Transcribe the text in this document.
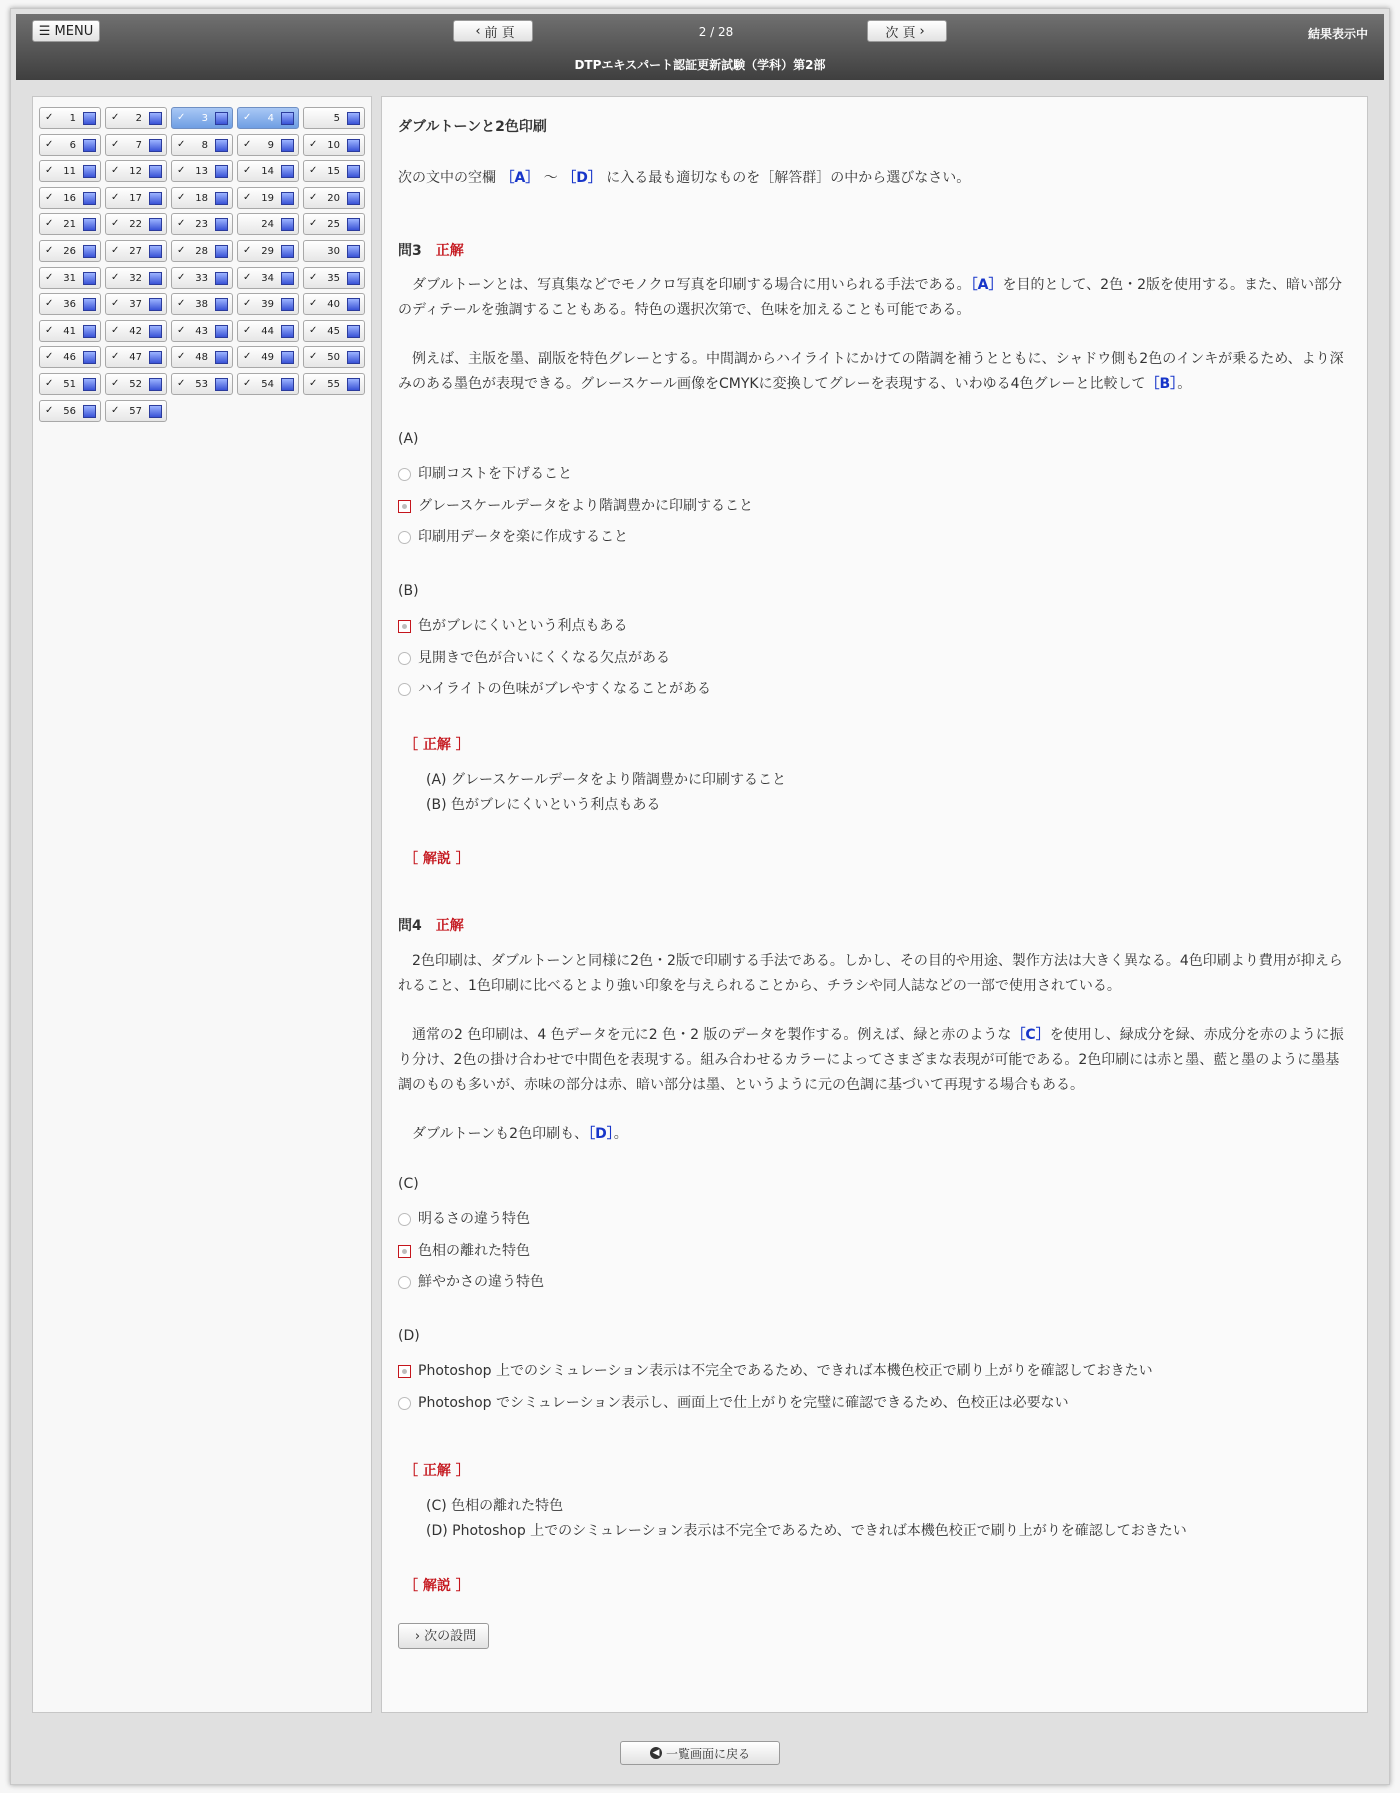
☰ MENU	‹ 前 頁	2 / 28	次 頁 ›	結果表示中
DTPエキスパート認証更新試験（学科）第2部
✓ 1	✓ 2	✓ 3	✓ 4	5
✓ 6	✓ 7	✓ 8	✓ 9	✓ 10
✓ 11	✓ 12	✓ 13	✓ 14	✓ 15
✓ 16	✓ 17	✓ 18	✓ 19	✓ 20
✓ 21	✓ 22	✓ 23	24	✓ 25
✓ 26	✓ 27	✓ 28	✓ 29	30
✓ 31	✓ 32	✓ 33	✓ 34	✓ 35
✓ 36	✓ 37	✓ 38	✓ 39	✓ 40
✓ 41	✓ 42	✓ 43	✓ 44	✓ 45
✓ 46	✓ 47	✓ 48	✓ 49	✓ 50
✓ 51	✓ 52	✓ 53	✓ 54	✓ 55
✓ 56	✓ 57
ダブルトーンと2色印刷
次の文中の空欄 ［A］ 〜 ［D］ に入る最も適切なものを［解答群］の中から選びなさい。
問3 正解
ダブルトーンとは、写真集などでモノクロ写真を印刷する場合に用いられる手法である。［A］を目的として、2色・2版を使用する。また、暗い部分のディテールを強調することもある。特色の選択次第で、色味を加えることも可能である。
例えば、主版を墨、副版を特色グレーとする。中間調からハイライトにかけての階調を補うとともに、シャドウ側も2色のインキが乗るため、より深みのある墨色が表現できる。グレースケール画像をCMYKに変換してグレーを表現する、いわゆる4色グレーと比較して［B］。
(A)
印刷コストを下げること
グレースケールデータをより階調豊かに印刷すること
印刷用データを楽に作成すること
(B)
色がブレにくいという利点もある
見開きで色が合いにくくなる欠点がある
ハイライトの色味がブレやすくなることがある
［ 正解 ］
(A) グレースケールデータをより階調豊かに印刷すること
(B) 色がブレにくいという利点もある
［ 解説 ］
問4 正解
2色印刷は、ダブルトーンと同様に2色・2版で印刷する手法である。しかし、その目的や用途、製作方法は大きく異なる。4色印刷より費用が抑えられること、1色印刷に比べるとより強い印象を与えられることから、チラシや同人誌などの一部で使用されている。
通常の2 色印刷は、4 色データを元に2 色・2 版のデータを製作する。例えば、緑と赤のような［C］を使用し、緑成分を緑、赤成分を赤のように振り分け、2色の掛け合わせで中間色を表現する。組み合わせるカラーによってさまざまな表現が可能である。2色印刷には赤と墨、藍と墨のように墨基調のものも多いが、赤味の部分は赤、暗い部分は墨、というように元の色調に基づいて再現する場合もある。
ダブルトーンも2色印刷も、［D］。
(C)
明るさの違う特色
色相の離れた特色
鮮やかさの違う特色
(D)
Photoshop 上でのシミュレーション表示は不完全であるため、できれば本機色校正で刷り上がりを確認しておきたい
Photoshop でシミュレーション表示し、画面上で仕上がりを完璧に確認できるため、色校正は必要ない
［ 正解 ］
(C) 色相の離れた特色
(D) Photoshop 上でのシミュレーション表示は不完全であるため、できれば本機色校正で刷り上がりを確認しておきたい
［ 解説 ］
› 次の設問
◀ 一覧画面に戻る
